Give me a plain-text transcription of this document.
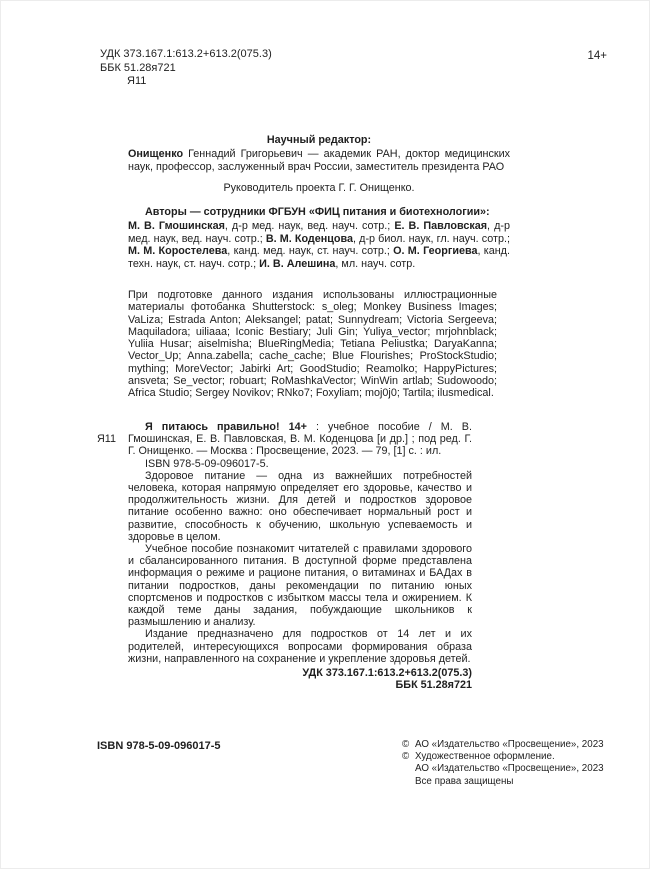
УДК 373.167.1:613.2+613.2(075.3)
ББК 51.28я721
Я11
14+

Научный редактор:

Онищенко Геннадий Григорьевич — академик РАН, доктор медицинских наук, профессор, заслуженный врач России, заместитель президента РАО

Руководитель проекта Г. Г. Онищенко.

Авторы — сотрудники ФГБУН «ФИЦ питания и биотехнологии»:

М. В. Гмошинская, д-р мед. наук, вед. науч. сотр.; Е. В. Павловская, д-р мед. наук, вед. науч. сотр.; В. М. Коденцова, д-р биол. наук, гл. науч. сотр.; М. М. Коростелева, канд. мед. наук, ст. науч. сотр.; О. М. Георгиева, канд. техн. наук, ст. науч. сотр.; И. В. Алешина, мл. науч. сотр.

При подготовке данного издания использованы иллюстрационные материалы фотобанка Shutterstock: s_oleg; Monkey Business Images; VaLiza; Estrada Anton; Aleksangel; patat; Sunnydream; Victoria Sergeeva; Maquiladora; uiliaaa; Iconic Bestiary; Juli Gin; Yuliya_vector; mrjohnblack; Yuliia Husar; aiselmisha; BlueRingMedia; Tetiana Peliustka; DaryaKanna; Vector_Up; Anna.zabella; cache_cache; Blue Flourishes; ProStockStudio; mything; MoreVector; Jabirki Art; GoodStudio; Reamolko; HappyPictures; ansveta; Se_vector; robuart; RoMashkaVector; WinWin artlab; Sudowoodo; Africa Studio; Sergey Novikov; RNko7; Foxyliam; moj0j0; Tartila; ilusmedical.
Я11

Я питаюсь правильно! 14+ : учебное пособие / М. В. Гмошинская, Е. В. Павловская, В. М. Коденцова [и др.] ; под ред. Г. Г. Онищенко. — Москва : Просвещение, 2023. — 79, [1] с. : ил.

ISBN 978-5-09-096017-5.

Здоровое питание — одна из важнейших потребностей человека, которая напрямую определяет его здоровье, качество и продолжительность жизни. Для детей и подростков здоровое питание особенно важно: оно обеспечивает нормальный рост и развитие, способность к обучению, школьную успеваемость и здоровье в целом.

Учебное пособие познакомит читателей с правилами здорового и сбалансированного питания. В доступной форме представлена информация о режиме и рационе питания, о витаминах и БАДах в питании подростков, даны рекомендации по питанию юных спортсменов и подростков с избытком массы тела и ожирением. К каждой теме даны задания, побуждающие школьников к размышлению и анализу.

Издание предназначено для подростков от 14 лет и их родителей, интересующихся вопросами формирования образа жизни, направленного на сохранение и укрепление здоровья детей.

УДК 373.167.1:613.2+613.2(075.3)

ББК 51.28я721

ISBN 978-5-09-096017-5	© АО «Издательство «Просвещение», 2023
© Художественное оформление.
АО «Издательство «Просвещение», 2023
Все права защищены
